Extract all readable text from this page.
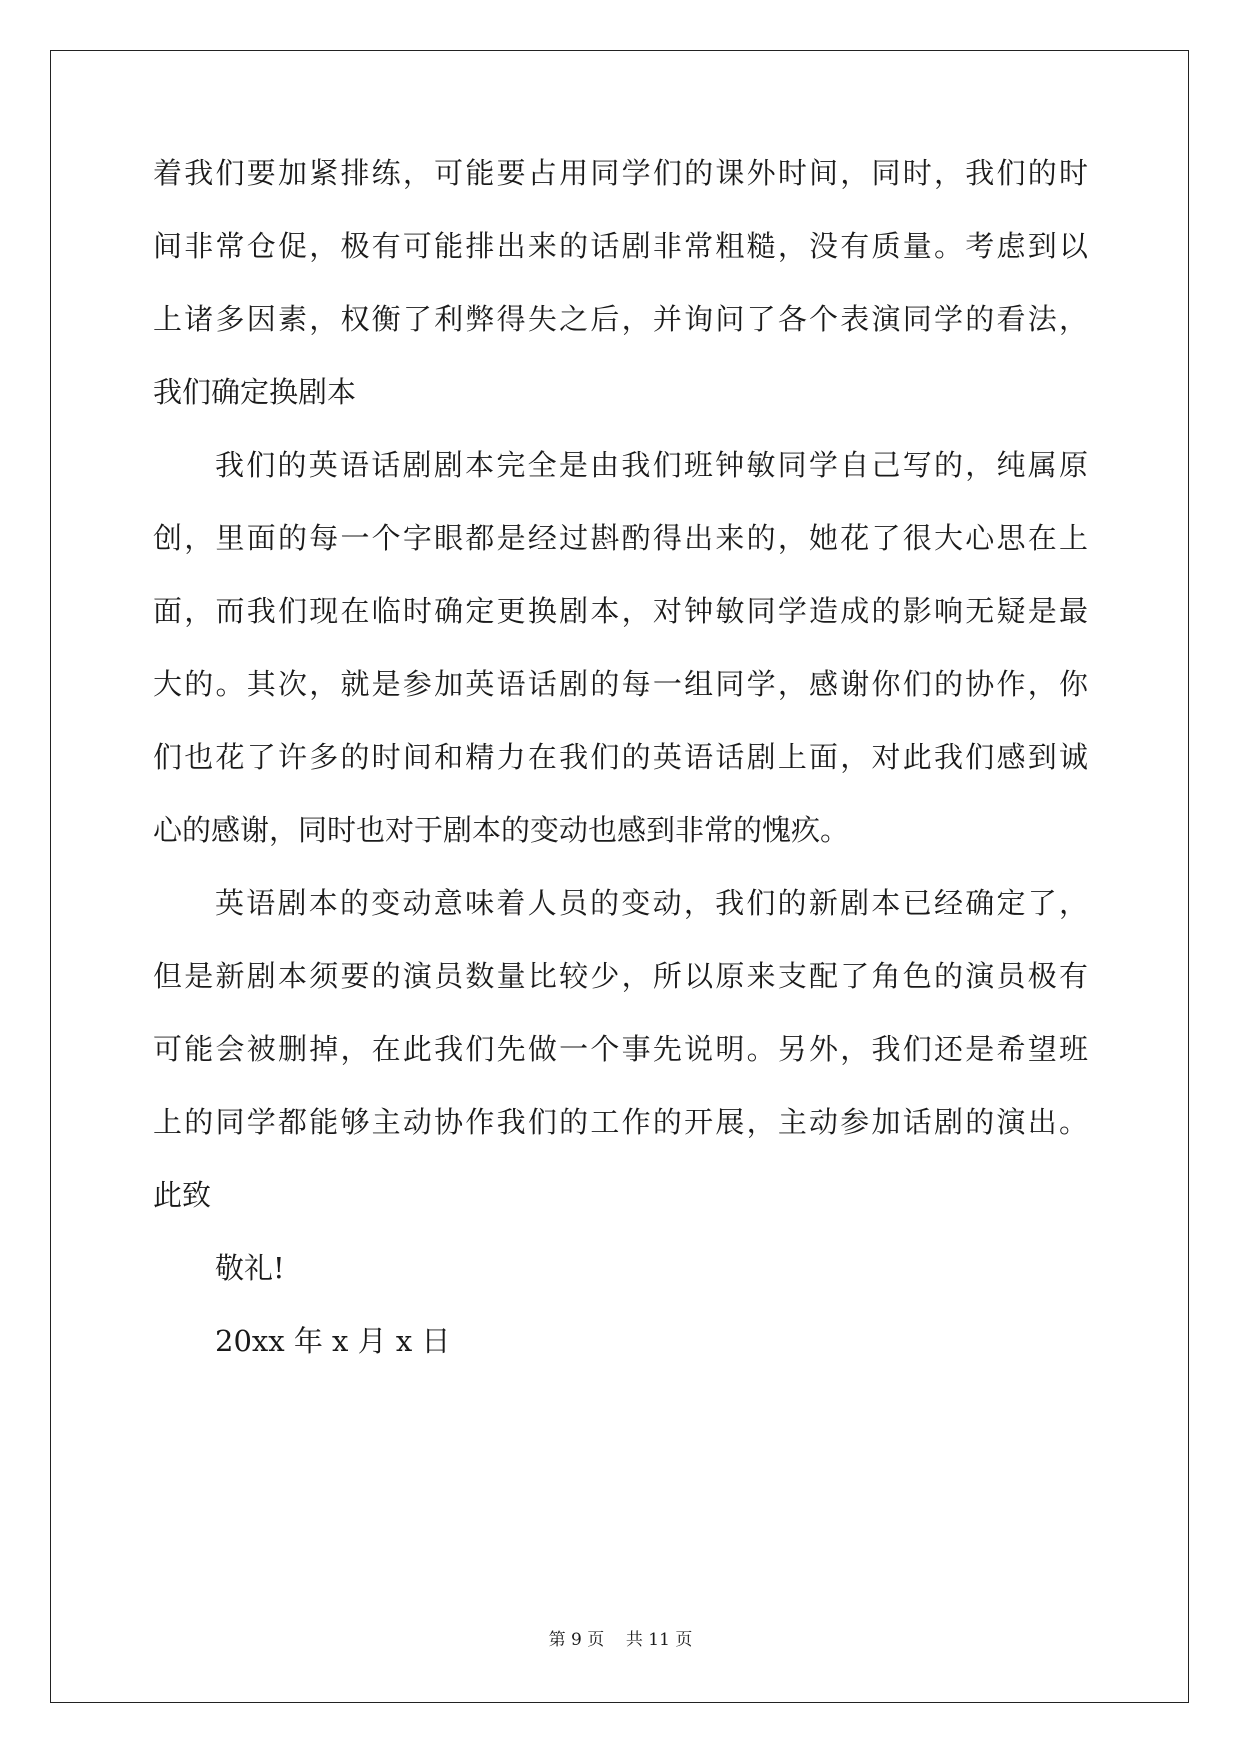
着我们要加紧排练，可能要占用同学们的课外时间，同时，我们的时
间非常仓促，极有可能排出来的话剧非常粗糙，没有质量。考虑到以
上诸多因素，权衡了利弊得失之后，并询问了各个表演同学的看法，
我们确定换剧本
我们的英语话剧剧本完全是由我们班钟敏同学自己写的，纯属原
创，里面的每一个字眼都是经过斟酌得出来的，她花了很大心思在上
面，而我们现在临时确定更换剧本，对钟敏同学造成的影响无疑是最
大的。其次，就是参加英语话剧的每一组同学，感谢你们的协作，你
们也花了许多的时间和精力在我们的英语话剧上面，对此我们感到诚
心的感谢，同时也对于剧本的变动也感到非常的愧疚。
英语剧本的变动意味着人员的变动，我们的新剧本已经确定了，
但是新剧本须要的演员数量比较少，所以原来支配了角色的演员极有
可能会被删掉，在此我们先做一个事先说明。另外，我们还是希望班
上的同学都能够主动协作我们的工作的开展，主动参加话剧的演出。
此致
敬礼!
20xx 年 x 月 x 日
第 9 页    共 11 页
